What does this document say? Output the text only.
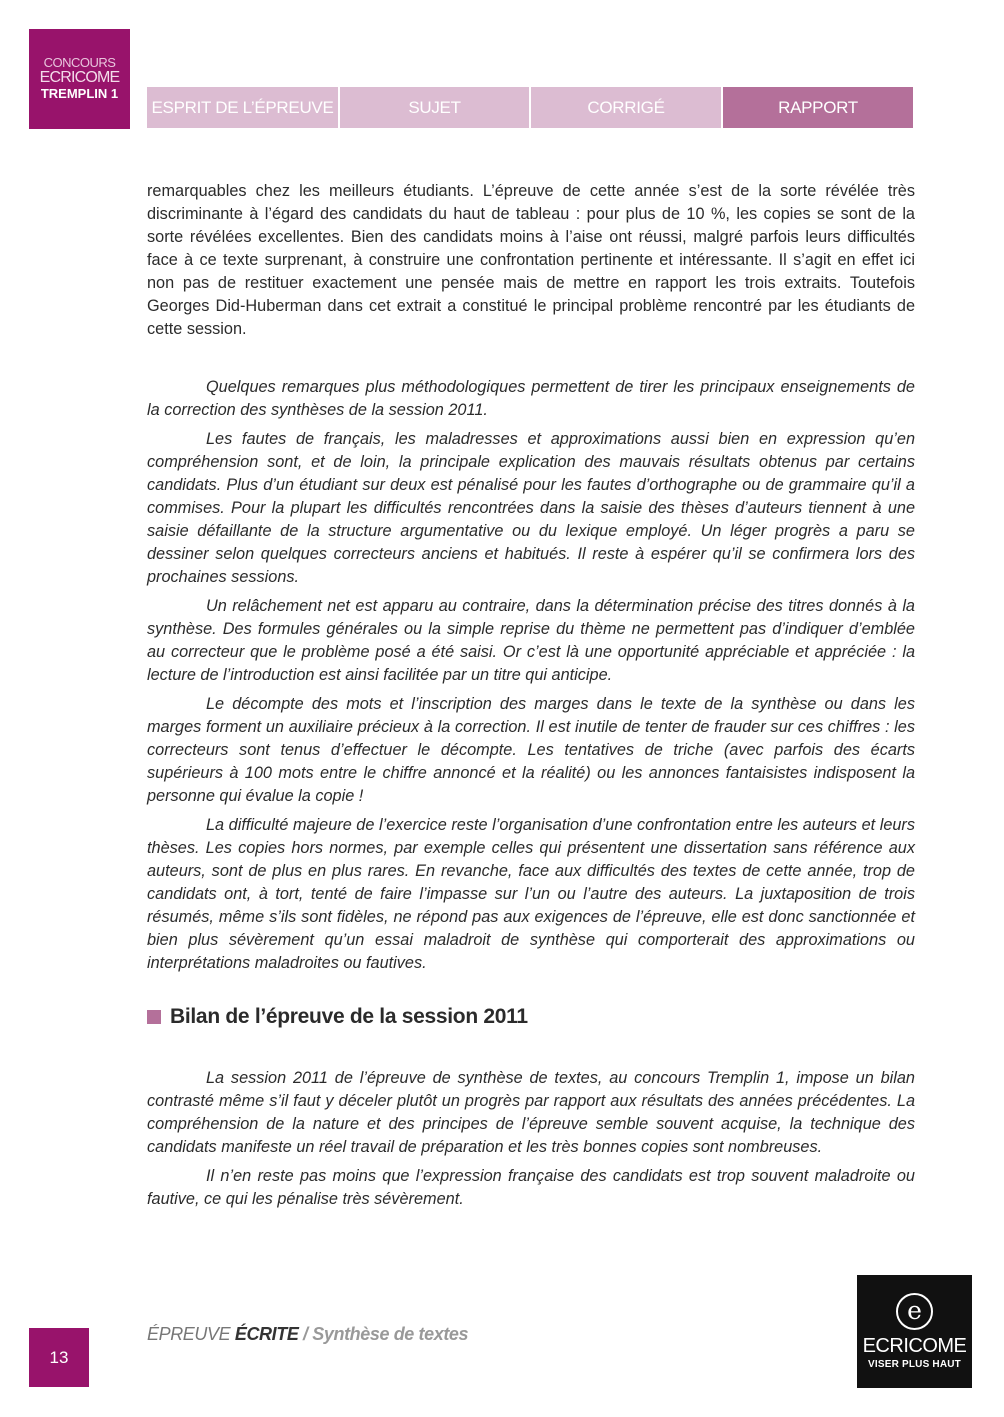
CONCOURS
ECRICOME
TREMPLIN 1
ESPRIT DE L’ÉPREUVE	SUJET	CORRIGÉ	RAPPORT

remarquables chez les meilleurs étudiants. L’épreuve de cette année s’est de la sorte révélée très discriminante à l’égard des candidats du haut de tableau : pour plus de 10 %, les copies se sont de la sorte révélées excellentes. Bien des candidats moins à l’aise ont réussi, malgré parfois leurs difficultés face à ce texte surprenant, à construire une confrontation pertinente et intéressante. Il s’agit en effet ici non pas de restituer exactement une pensée mais de mettre en rapport les trois extraits. Toutefois Georges Did-Huberman dans cet extrait a constitué le principal problème rencontré par les étudiants de cette session.

Quelques remarques plus méthodologiques permettent de tirer les principaux enseignements de la correction des synthèses de la session 2011.

Les fautes de français, les maladresses et approximations aussi bien en expression qu’en compréhension sont, et de loin, la principale explication des mauvais résultats obtenus par certains candidats. Plus d’un étudiant sur deux est pénalisé pour les fautes d’orthographe ou de grammaire qu’il a commises. Pour la plupart les difficultés rencontrées dans la saisie des thèses d’auteurs tiennent à une saisie défaillante de la structure argumentative ou du lexique employé. Un léger progrès a paru se dessiner selon quelques correcteurs anciens et habitués. Il reste à espérer qu’il se confirmera lors des prochaines sessions.

Un relâchement net est apparu au contraire, dans la détermination précise des titres donnés à la synthèse. Des formules générales ou la simple reprise du thème ne permettent pas d’indiquer d’emblée au correcteur que le problème posé a été saisi. Or c’est là une opportunité appréciable et appréciée : la lecture de l’introduction est ainsi facilitée par un titre qui anticipe.

Le décompte des mots et l’inscription des marges dans le texte de la synthèse ou dans les marges forment un auxiliaire précieux à la correction. Il est inutile de tenter de frauder sur ces chiffres : les correcteurs sont tenus d’effectuer le décompte. Les tentatives de triche (avec parfois des écarts supérieurs à 100 mots entre le chiffre annoncé et la réalité) ou les annonces fantaisistes indisposent la personne qui évalue la copie !

La difficulté majeure de l’exercice reste l’organisation d’une confrontation entre les auteurs et leurs thèses. Les copies hors normes, par exemple celles qui présentent une dissertation sans référence aux auteurs, sont de plus en plus rares. En revanche, face aux difficultés des textes de cette année, trop de candidats ont, à tort, tenté de faire l’impasse sur l’un ou l’autre des auteurs. La juxtaposition de trois résumés, même s’ils sont fidèles, ne répond pas aux exigences de l’épreuve, elle est donc sanctionnée et bien plus sévèrement qu’un essai maladroit de synthèse qui comporterait des approximations ou interprétations maladroites ou fautives.

Bilan de l’épreuve de la session 2011

La session 2011 de l’épreuve de synthèse de textes, au concours Tremplin 1, impose un bilan contrasté même s’il faut y déceler plutôt un progrès par rapport aux résultats des années précédentes. La compréhension de la nature et des principes de l’épreuve semble souvent acquise, la technique des candidats manifeste un réel travail de préparation et les très bonnes copies sont nombreuses.

Il n’en reste pas moins que l’expression française des candidats est trop souvent maladroite ou fautive, ce qui les pénalise très sévèrement.

13
ÉPREUVE ÉCRITE / Synthèse de textes
e
ECRICOME
VISER PLUS HAUT
